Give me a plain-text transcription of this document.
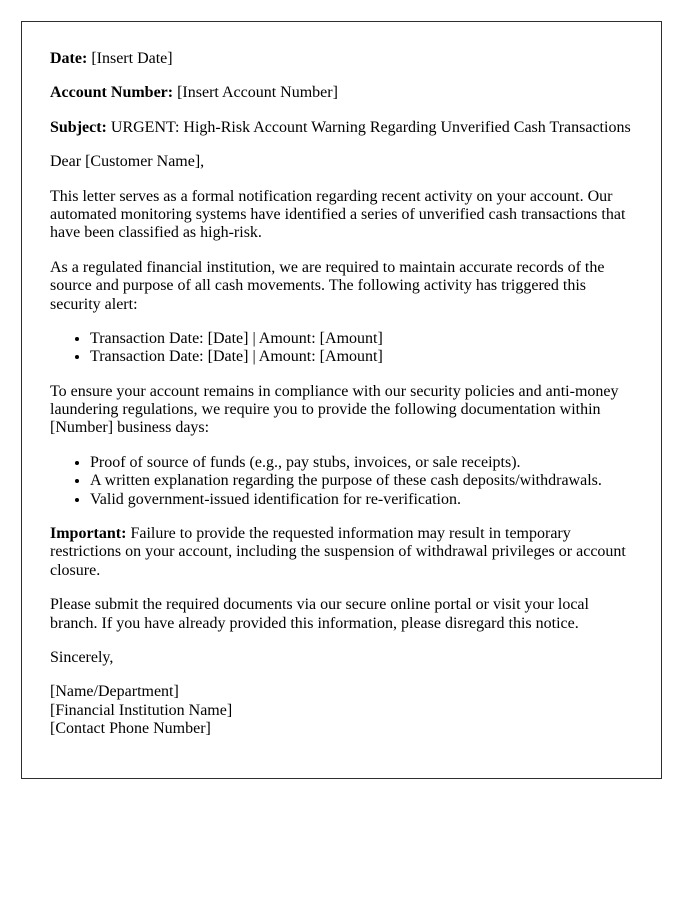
Date: [Insert Date]

Account Number: [Insert Account Number]

Subject: URGENT: High-Risk Account Warning Regarding Unverified Cash Transactions

Dear [Customer Name],

This letter serves as a formal notification regarding recent activity on your account. Our automated monitoring systems have identified a series of unverified cash transactions that have been classified as high-risk.

As a regulated financial institution, we are required to maintain accurate records of the source and purpose of all cash movements. The following activity has triggered this security alert:

• Transaction Date: [Date] | Amount: [Amount]
• Transaction Date: [Date] | Amount: [Amount]

To ensure your account remains in compliance with our security policies and anti-money laundering regulations, we require you to provide the following documentation within [Number] business days:

• Proof of source of funds (e.g., pay stubs, invoices, or sale receipts).
• A written explanation regarding the purpose of these cash deposits/withdrawals.
• Valid government-issued identification for re-verification.

Important: Failure to provide the requested information may result in temporary restrictions on your account, including the suspension of withdrawal privileges or account closure.

Please submit the required documents via our secure online portal or visit your local branch. If you have already provided this information, please disregard this notice.

Sincerely,

[Name/Department]
[Financial Institution Name]
[Contact Phone Number]
